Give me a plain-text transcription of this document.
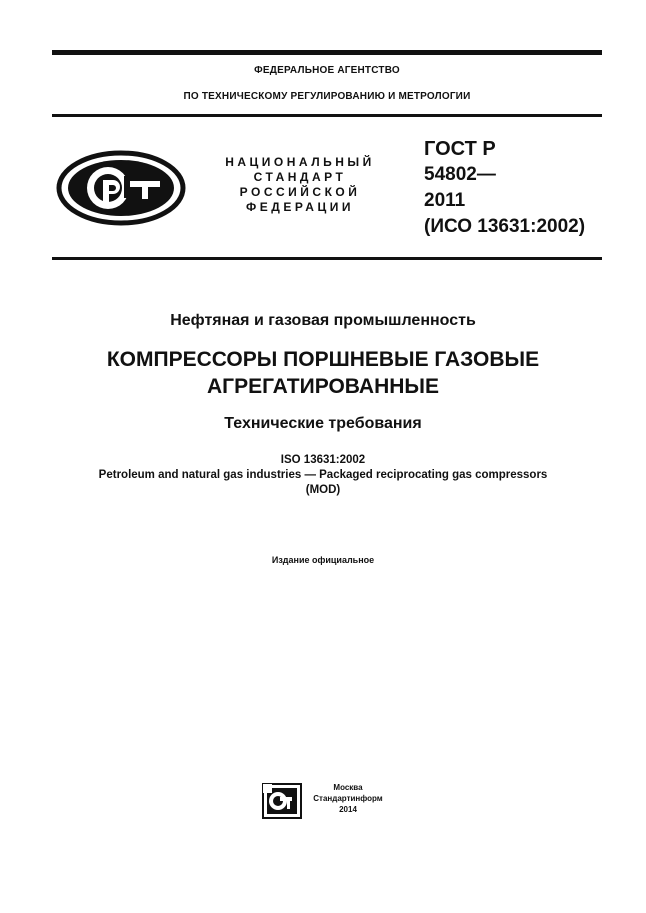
ФЕДЕРАЛЬНОЕ АГЕНТСТВО
ПО ТЕХНИЧЕСКОМУ РЕГУЛИРОВАНИЮ И МЕТРОЛОГИИ
НАЦИОНАЛЬНЫЙ
СТАНДАРТ
РОССИЙСКОЙ
ФЕДЕРАЦИИ
ГОСТ Р
54802—
2011
(ИСО 13631:2002)
Нефтяная и газовая промышленность
КОМПРЕССОРЫ ПОРШНЕВЫЕ ГАЗОВЫЕ
АГРЕГАТИРОВАННЫЕ
Технические требования
ISO 13631:2002
Petroleum and natural gas industries — Packaged reciprocating gas compressors
(MOD)
Издание официальное
Москва
Стандартинформ
2014
